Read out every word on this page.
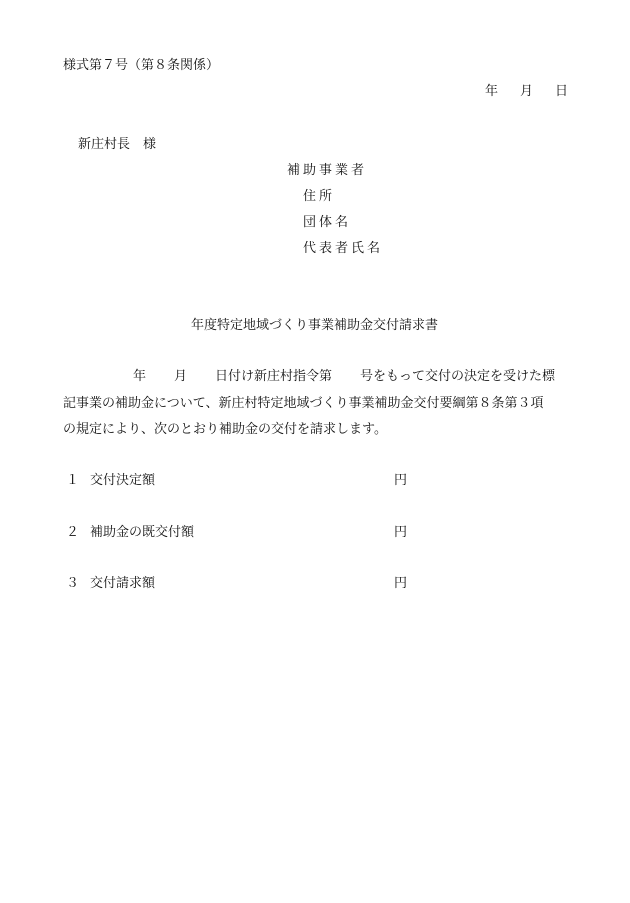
様式第７号（第８条関係）
年 月 日
新庄村長　様
補助事業者
住所
団体名
代表者氏名
年度特定地域づくり事業補助金交付請求書
年 月 日付け新庄村指令第 号をもって交付の決定を受けた標
記事業の補助金について、新庄村特定地域づくり事業補助金交付要綱第８条第３項
の規定により、次のとおり補助金の交付を請求します。
１ 交付決定額	円
２ 補助金の既交付額	円
３ 交付請求額	円
